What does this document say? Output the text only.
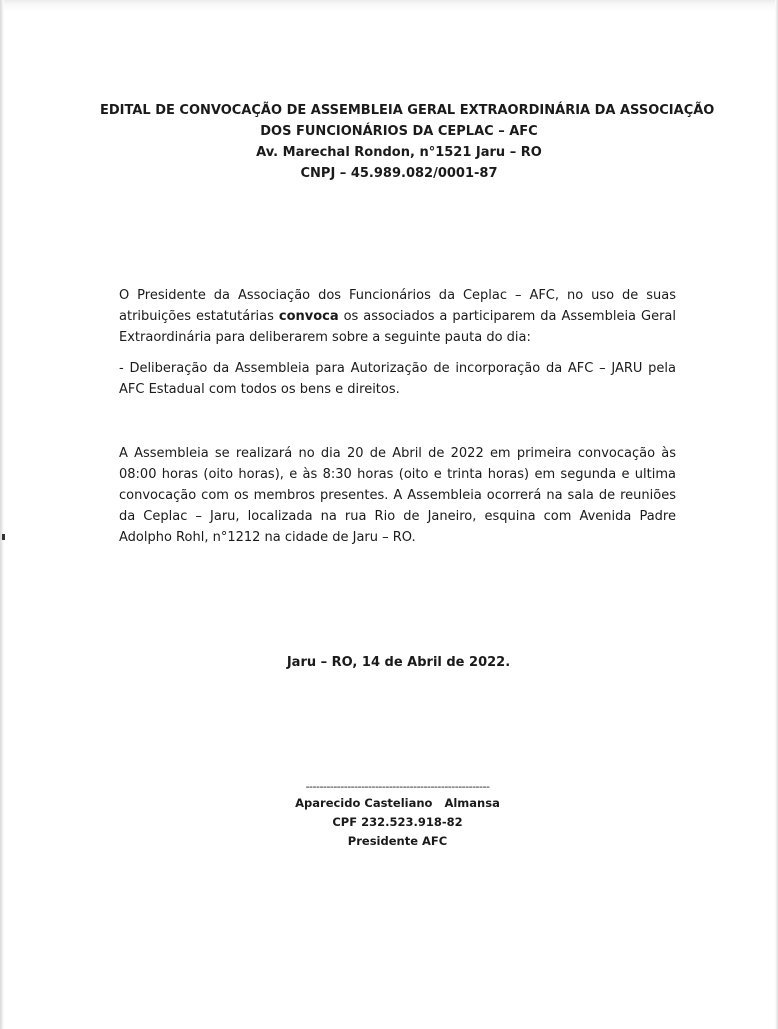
EDITAL DE CONVOCAÇÃO DE ASSEMBLEIA GERAL EXTRAORDINÁRIA DA ASSOCIAÇÃO
DOS FUNCIONÁRIOS DA CEPLAC – AFC
Av. Marechal Rondon, n°1521 Jaru – RO
CNPJ – 45.989.082/0001-87

O Presidente da Associação dos Funcionários da Ceplac – AFC, no uso de suas atribuições estatutárias convoca os associados a participarem da Assembleia Geral Extraordinária para deliberarem sobre a seguinte pauta do dia:

- Deliberação da Assembleia para Autorização de incorporação da AFC – JARU pela AFC Estadual com todos os bens e direitos.

A Assembleia se realizará no dia 20 de Abril de 2022 em primeira convocação às 08:00 horas (oito horas), e às 8:30 horas (oito e trinta horas) em segunda e ultima convocação com os membros presentes. A Assembleia ocorrerá na sala de reuniões da Ceplac – Jaru, localizada na rua Rio de Janeiro, esquina com Avenida Padre Adolpho Rohl, n°1212 na cidade de Jaru – RO.

Jaru – RO, 14 de Abril de 2022.
-----------------------------------------------------
Aparecido Casteliano   Almansa
CPF 232.523.918-82
Presidente AFC
